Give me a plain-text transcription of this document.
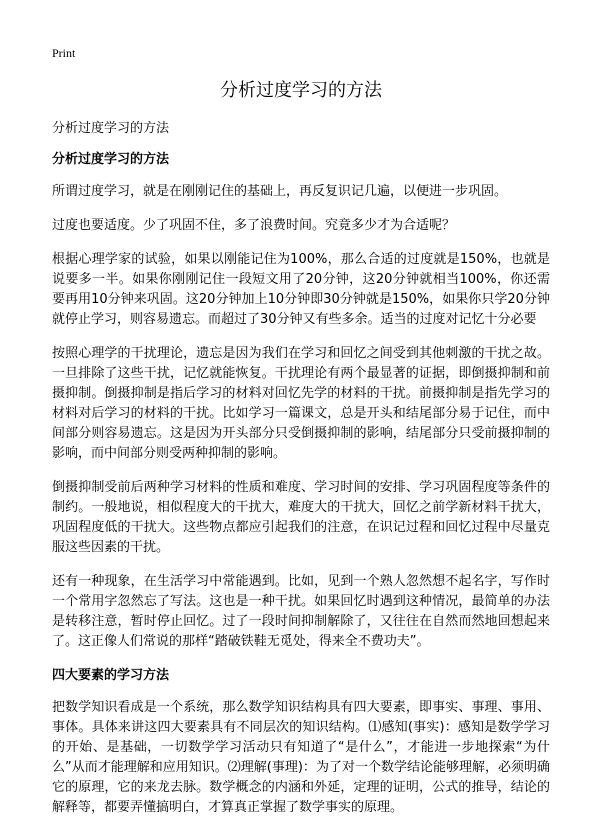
Print
分析过度学习的方法

分析过度学习的方法

分析过度学习的方法

所谓过度学习，就是在刚刚记住的基础上，再反复识记几遍，以便进一步巩固。

过度也要适度。少了巩固不住，多了浪费时间。究竟多少才为合适呢？

根据心理学家的试验，如果以刚能记住为100%，那么合适的过度就是150%，也就是说要多一半。如果你刚刚记住一段短文用了20分钟，这20分钟就相当100%，你还需要再用10分钟来巩固。这20分钟加上10分钟即30分钟就是150%，如果你只学20分钟就停止学习，则容易遗忘。而超过了30分钟又有些多余。适当的过度对记忆十分必要

按照心理学的干扰理论，遗忘是因为我们在学习和回忆之间受到其他刺激的干扰之故。一旦排除了这些干扰，记忆就能恢复。干扰理论有两个最显著的证据，即倒摄抑制和前摄抑制。倒摄抑制是指后学习的材料对回忆先学的材料的干扰。前摄抑制是指先学习的材料对后学习的材料的干扰。比如学习一篇课文，总是开头和结尾部分易于记住，而中间部分则容易遗忘。这是因为开头部分只受倒摄抑制的影响，结尾部分只受前摄抑制的影响，而中间部分则受两种抑制的影响。

倒摄抑制受前后两种学习材料的性质和难度、学习时间的安排、学习巩固程度等条件的制约。一般地说，相似程度大的干扰大，难度大的干扰大，回忆之前学新材料干扰大，巩固程度低的干扰大。这些物点都应引起我们的注意，在识记过程和回忆过程中尽量克服这些因素的干扰。

还有一种现象，在生活学习中常能遇到。比如，见到一个熟人忽然想不起名字，写作时一个常用字忽然忘了写法。这也是一种干扰。如果回忆时遇到这种情况，最简单的办法是转移注意，暂时停止回忆。过了一段时间抑制解除了，又往往在自然而然地回想起来了。这正像人们常说的那样“踏破铁鞋无觅处，得来全不费功夫”。

四大要素的学习方法

把数学知识看成是一个系统，那么数学知识结构具有四大要素，即事实、事理、事用、事体。具体来讲这四大要素具有不同层次的知识结构。⑴感知(事实)：感知是数学学习的开始、是基础，一切数学学习活动只有知道了“是什么”，才能进一步地探索“为什么”从而才能理解和应用知识。⑵理解(事理)：为了对一个数学结论能够理解，必须明确它的原理，它的来龙去脉。数学概念的内涵和外延，定理的证明，公式的推导，结论的解释等，都要弄懂搞明白，才算真正掌握了数学事实的原理。
